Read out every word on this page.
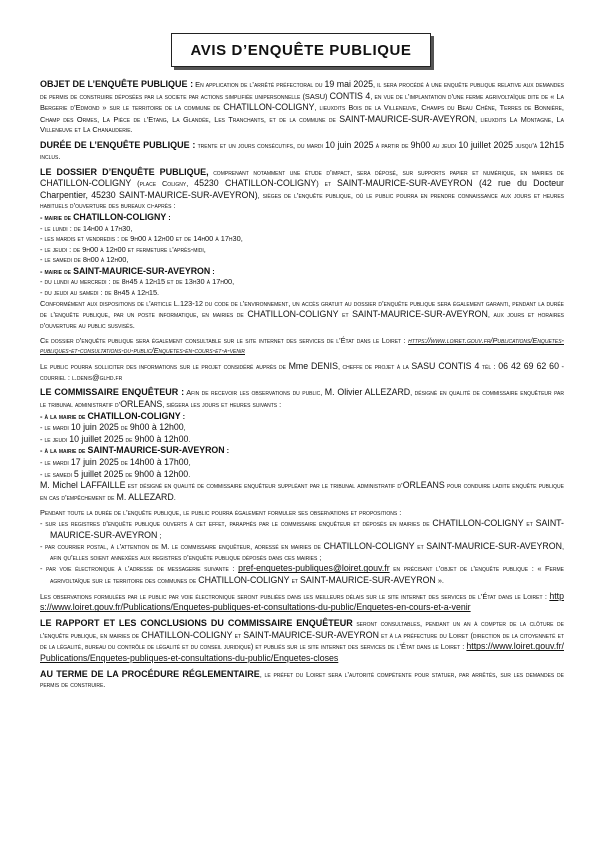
AVIS D’ENQUÊTE PUBLIQUE

OBJET DE L’ENQUÊTE PUBLIQUE : En application de l’arrêté préfectoral du 19 mai 2025, il sera procédé à une enquête publique relative aux demandes de permis de construire déposées par la societe par actions simplifiée unipersonnelle (SASU) CONTIS 4, en vue de l’implantation d’une ferme agrivoltaïque dite de « La Bergerie d’Edmond » sur le territoire de la commune de CHATILLON-COLIGNY, lieuxdits Bois de la Villeneuve, Champs du Beau Chêne, Terres de Bonnière, Champ des Ormes, La Pièce de l’Etang, La Glandée, Les Tranchants, et de la commune de SAINT-MAURICE-SUR-AVEYRON, lieuxdits La Montagne, La Villeneuve et La Chanauderie.

DURÉE DE L’ENQUÊTE PUBLIQUE : trente et un jours consécutifs, du mardi 10 juin 2025 à partir de 9h00 au jeudi 10 juillet 2025 jusqu’à 12h15 inclus.

LE DOSSIER D’ENQUÊTE PUBLIQUE, comprenant notamment une étude d’impact, sera déposé, sur supports papier et numérique, en mairies de CHATILLON-COLIGNY (place Coligny, 45230 CHATILLON-COLIGNY) et SAINT-MAURICE-SUR-AVEYRON (42 rue du Docteur Charpentier, 45230 SAINT-MAURICE-SUR-AVEYRON), sièges de l’enquête publique, où le public pourra en prendre connaissance aux jours et heures habituels d’ouverture des bureaux ci-après :

- mairie de CHATILLON-COLIGNY :
- le lundi : de 14h00 à 17h30,
- les mardis et vendredis : de 9h00 à 12h00 et de 14h00 à 17h30,
- le jeudi : de 9h00 à 12h00 et fermeture l’après-midi,
- le samedi de 8h00 à 12h00,
- mairie de SAINT-MAURICE-SUR-AVEYRON :
- du lundi au mercredi : de 8h45 à 12h15 et de 13h30 à 17h00,
- du jeudi au samedi : de 8h45 à 12h15.

Conformément aux dispositions de l’article L.123-12 du code de l’environnement, un accès gratuit au dossier d’enquête publique sera également garanti, pendant la durée de l’enquête publique, par un poste informatique, en mairies de CHATILLON-COLIGNY et SAINT-MAURICE-SUR-AVEYRON, aux jours et horaires d’ouverture au public susvisés.

Ce dossier d’enquête publique sera également consultable sur le site internet des services de l’État dans le Loiret : https://www.loiret.gouv.fr/Publications/Enquetes-publiques-et-consultations-du-public/Enquetes-en-cours-et-a-venir

Le public pourra solliciter des informations sur le projet considéré auprès de Mme DENIS, cheffe de projet à la SASU CONTIS 4 tél : 06 42 69 62 60 - courriel : l.denis@glhd.fr

LE COMMISSAIRE ENQUÊTEUR : Afin de recevoir les observations du public, M. Olivier ALLEZARD, désigné en qualité de commissaire enquêteur par le tribunal administratif d’ORLEANS, siégera les jours et heures suivants :

- à la mairie de CHATILLON-COLIGNY :
- le mardi 10 juin 2025 de 9h00 à 12h00,
- le jeudi 10 juillet 2025 de 9h00 à 12h00.
- à la mairie de SAINT-MAURICE-SUR-AVEYRON :
- le mardi 17 juin 2025 de 14h00 à 17h00,
- le samedi 5 juillet 2025 de 9h00 à 12h00.

M. Michel LAFFAILLE est désigné en qualité de commissaire enquêteur suppléant par le tribunal administratif d’ORLEANS pour conduire ladite enquête publique en cas d’empêchement de M. ALLEZARD.

Pendant toute la durée de l’enquête publique, le public pourra également formuler ses observations et propositions :
- sur les registres d’enquête publique ouverts à cet effet, paraphés par le commissaire enquêteur et déposés en mairies de CHATILLON-COLIGNY et SAINT-MAURICE-SUR-AVEYRON ;
- par courrier postal, à l’attention de M. le commissaire enquêteur, adressé en mairies de CHATILLON-COLIGNY et SAINT-MAURICE-SUR-AVEYRON, afin qu’elles soient annexées aux registres d’enquête publique déposés dans ces mairies ;
- par voie électronique à l’adresse de messagerie suivante : pref-enquetes-publiques@loiret.gouv.fr en précisant l’objet de l’enquête publique : « Ferme agrivoltaïque sur le territoire des communes de CHATILLON-COLIGNY et SAINT-MAURICE-SUR-AVEYRON ».

Les observations formulées par le public par voie électronique seront publiées dans les meilleurs délais sur le site internet des services de l’État dans le Loiret : https://www.loiret.gouv.fr/Publications/Enquetes-publiques-et-consultations-du-public/Enquetes-en-cours-et-a-venir

LE RAPPORT ET LES CONCLUSIONS DU COMMISSAIRE ENQUÊTEUR seront consultables, pendant un an à compter de la clôture de l’enquête publique, en mairies de CHATILLON-COLIGNY et SAINT-MAURICE-SUR-AVEYRON et à la préfecture du Loiret (direction de la citoyenneté et de la légalité, bureau du contrôle de légalité et du conseil juridique) et publiés sur le site internet des services de l’État dans le Loiret : https://www.loiret.gouv.fr/Publications/Enquetes-publiques-et-consultations-du-public/Enquetes-closes

AU TERME DE LA PROCÉDURE RÉGLEMENTAIRE, le préfet du Loiret sera l’autorité compétente pour statuer, par arrêtés, sur les demandes de permis de construire.
